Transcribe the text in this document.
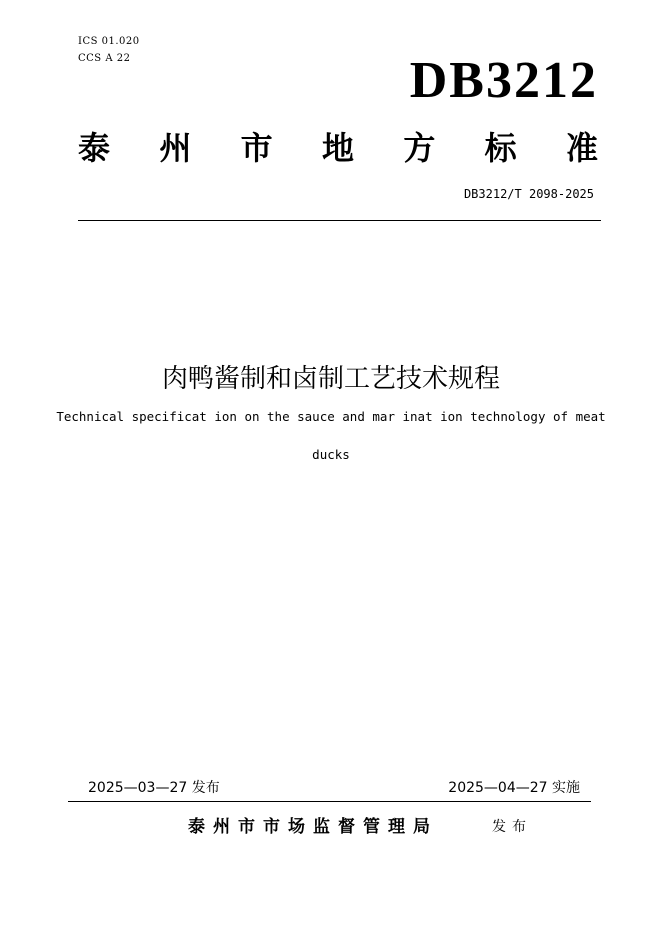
ICS 01.020
CCS A 22	DB3212
泰 州 市 地 方 标 准
DB3212/T 2098-2025
肉鸭酱制和卤制工艺技术规程
Technical specificat ion on the sauce and mar inat ion technology of meat
ducks
2025—03—27 发布	2025—04—27 实施
泰州市市场监督管理局	发布
